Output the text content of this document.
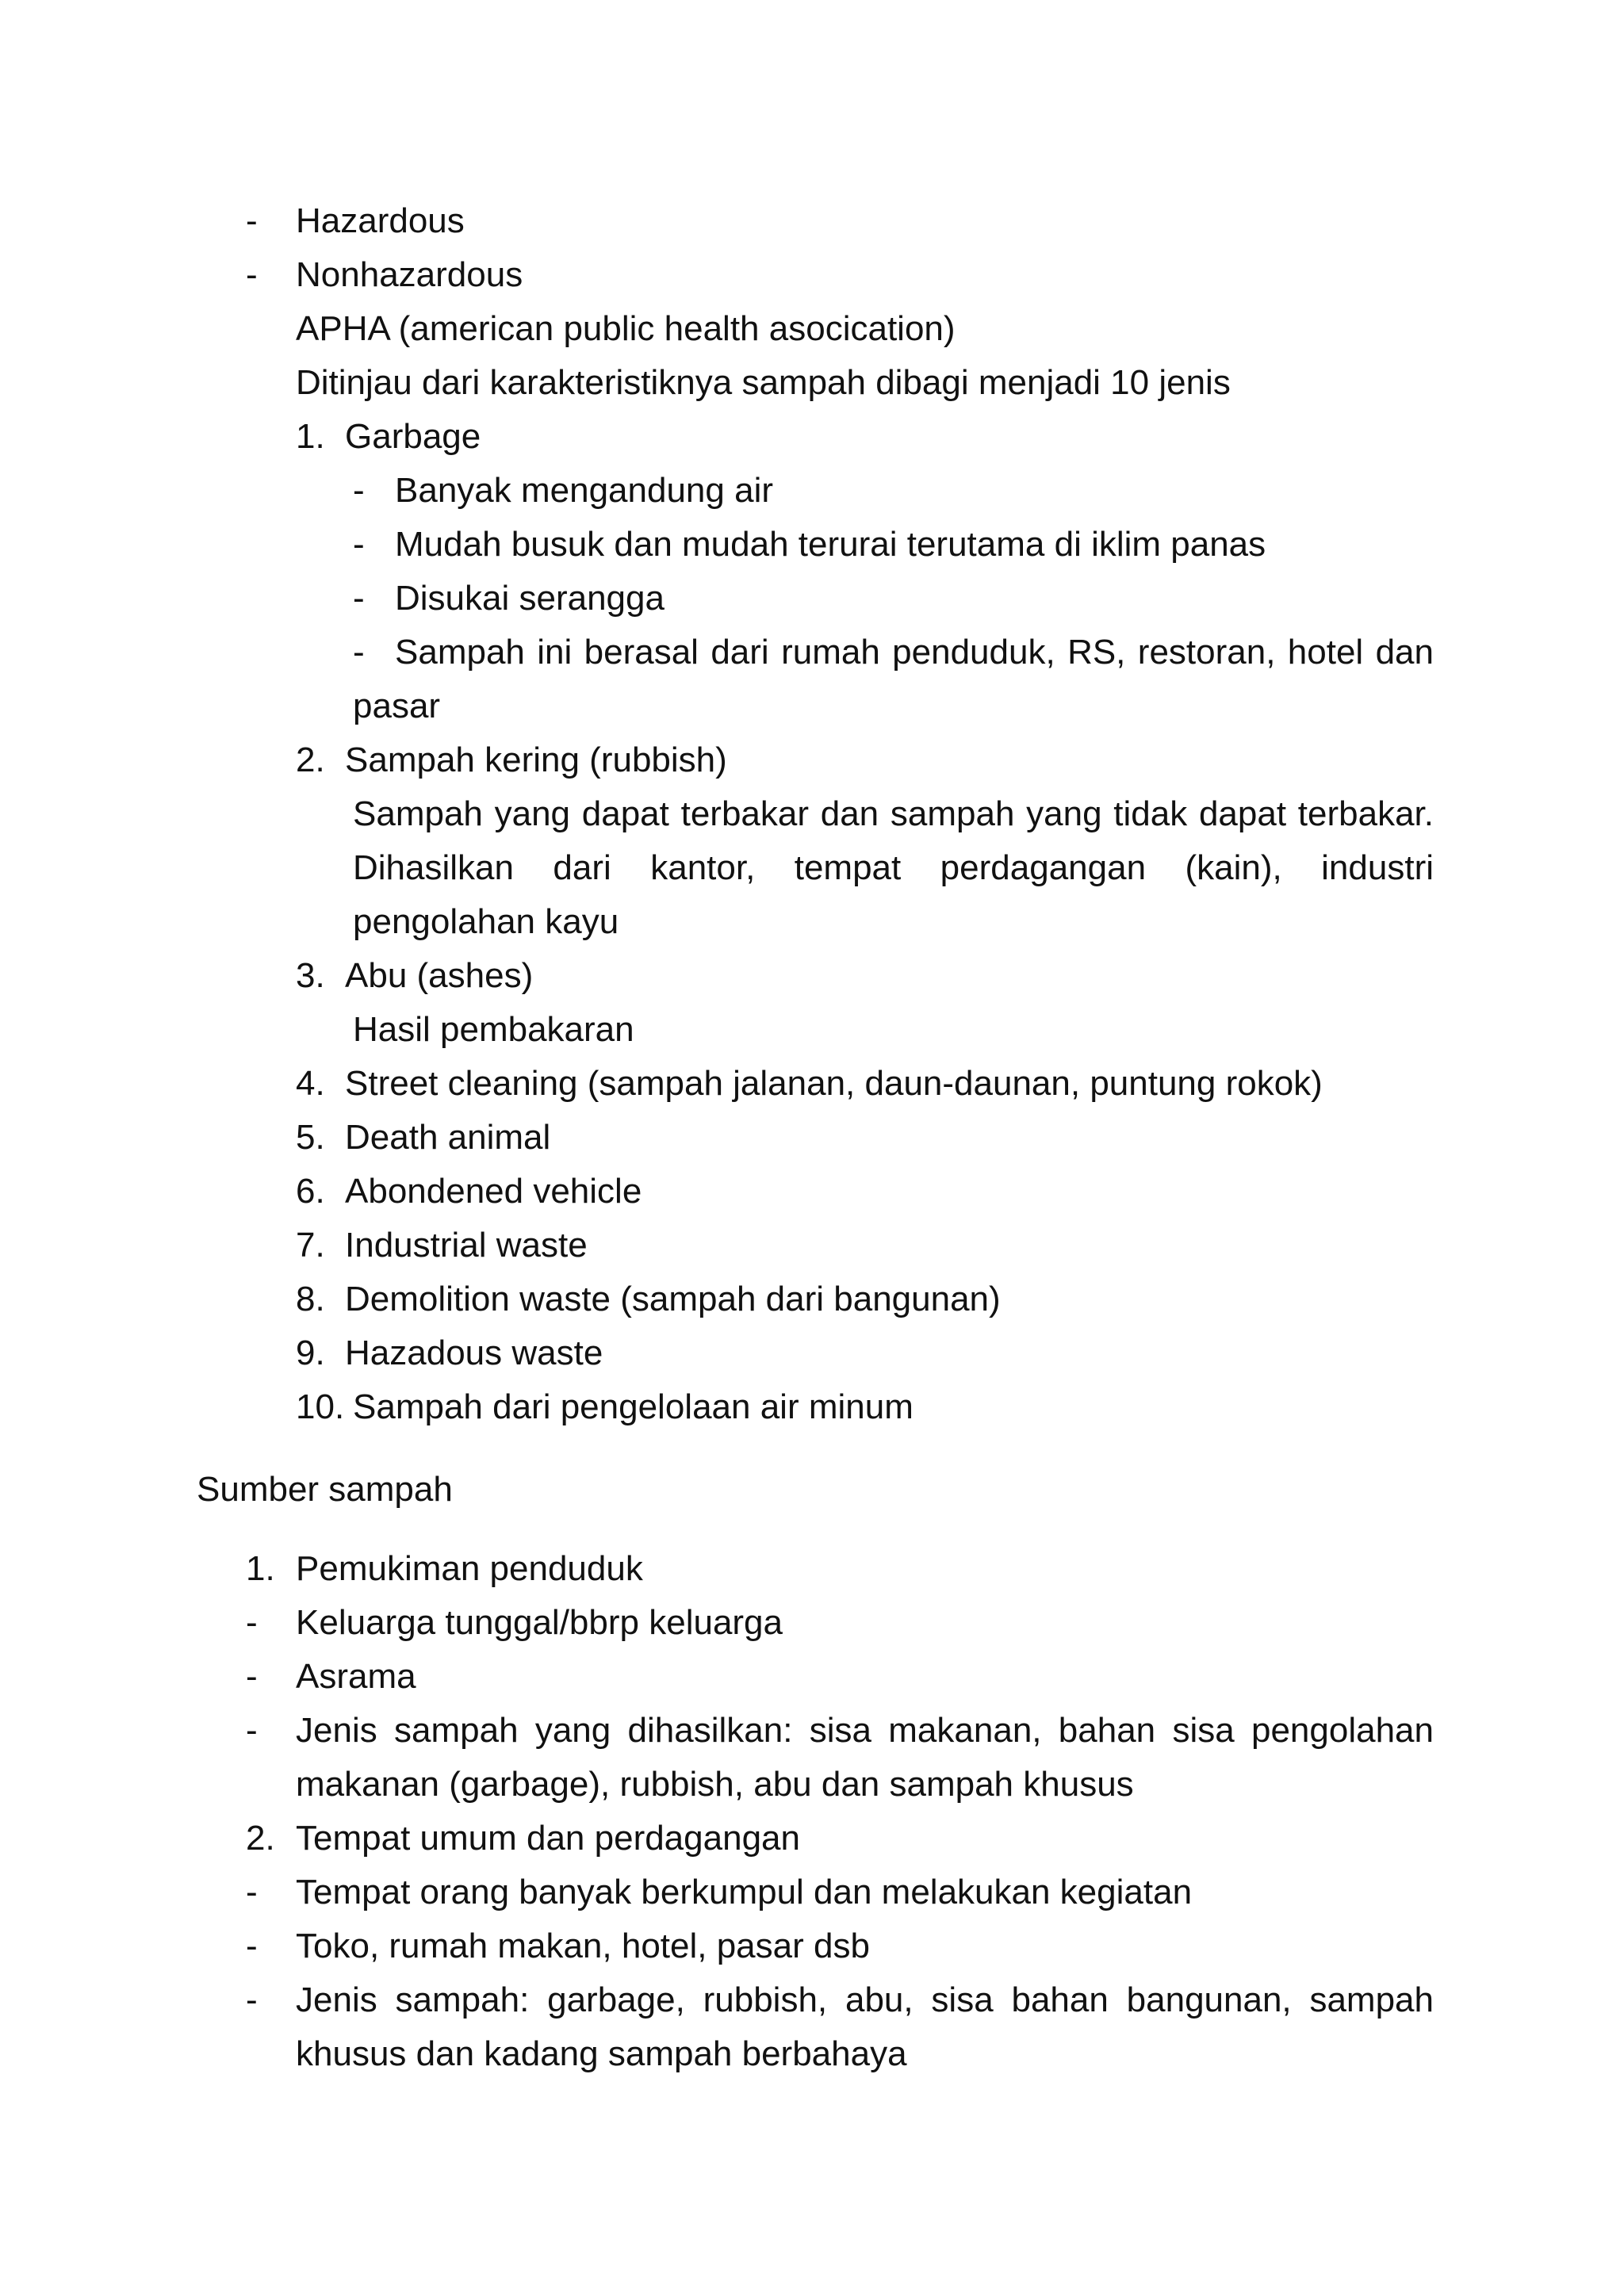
- Hazardous
- Nonhazardous
APHA (american public health asocication)
Ditinjau dari karakteristiknya sampah dibagi menjadi 10 jenis
1. Garbage
- Banyak mengandung air
- Mudah busuk dan mudah terurai terutama di iklim panas
- Disukai serangga
- Sampah ini berasal dari rumah penduduk, RS, restoran, hotel dan
pasar
2. Sampah kering (rubbish)
Sampah yang dapat terbakar dan sampah yang tidak dapat terbakar.
Dihasilkan dari kantor, tempat perdagangan (kain), industri
pengolahan kayu
3. Abu (ashes)
Hasil pembakaran
4. Street cleaning (sampah jalanan, daun-daunan, puntung rokok)
5. Death animal
6. Abondened vehicle
7. Industrial waste
8. Demolition waste (sampah dari bangunan)
9. Hazadous waste
10. Sampah dari pengelolaan air minum
Sumber sampah
1. Pemukiman penduduk
- Keluarga tunggal/bbrp keluarga
- Asrama
- Jenis sampah yang dihasilkan: sisa makanan, bahan sisa pengolahan
makanan (garbage), rubbish, abu dan sampah khusus
2. Tempat umum dan perdagangan
- Tempat orang banyak berkumpul dan melakukan kegiatan
- Toko, rumah makan, hotel, pasar dsb
- Jenis sampah: garbage, rubbish, abu, sisa bahan bangunan, sampah
khusus dan kadang sampah berbahaya
